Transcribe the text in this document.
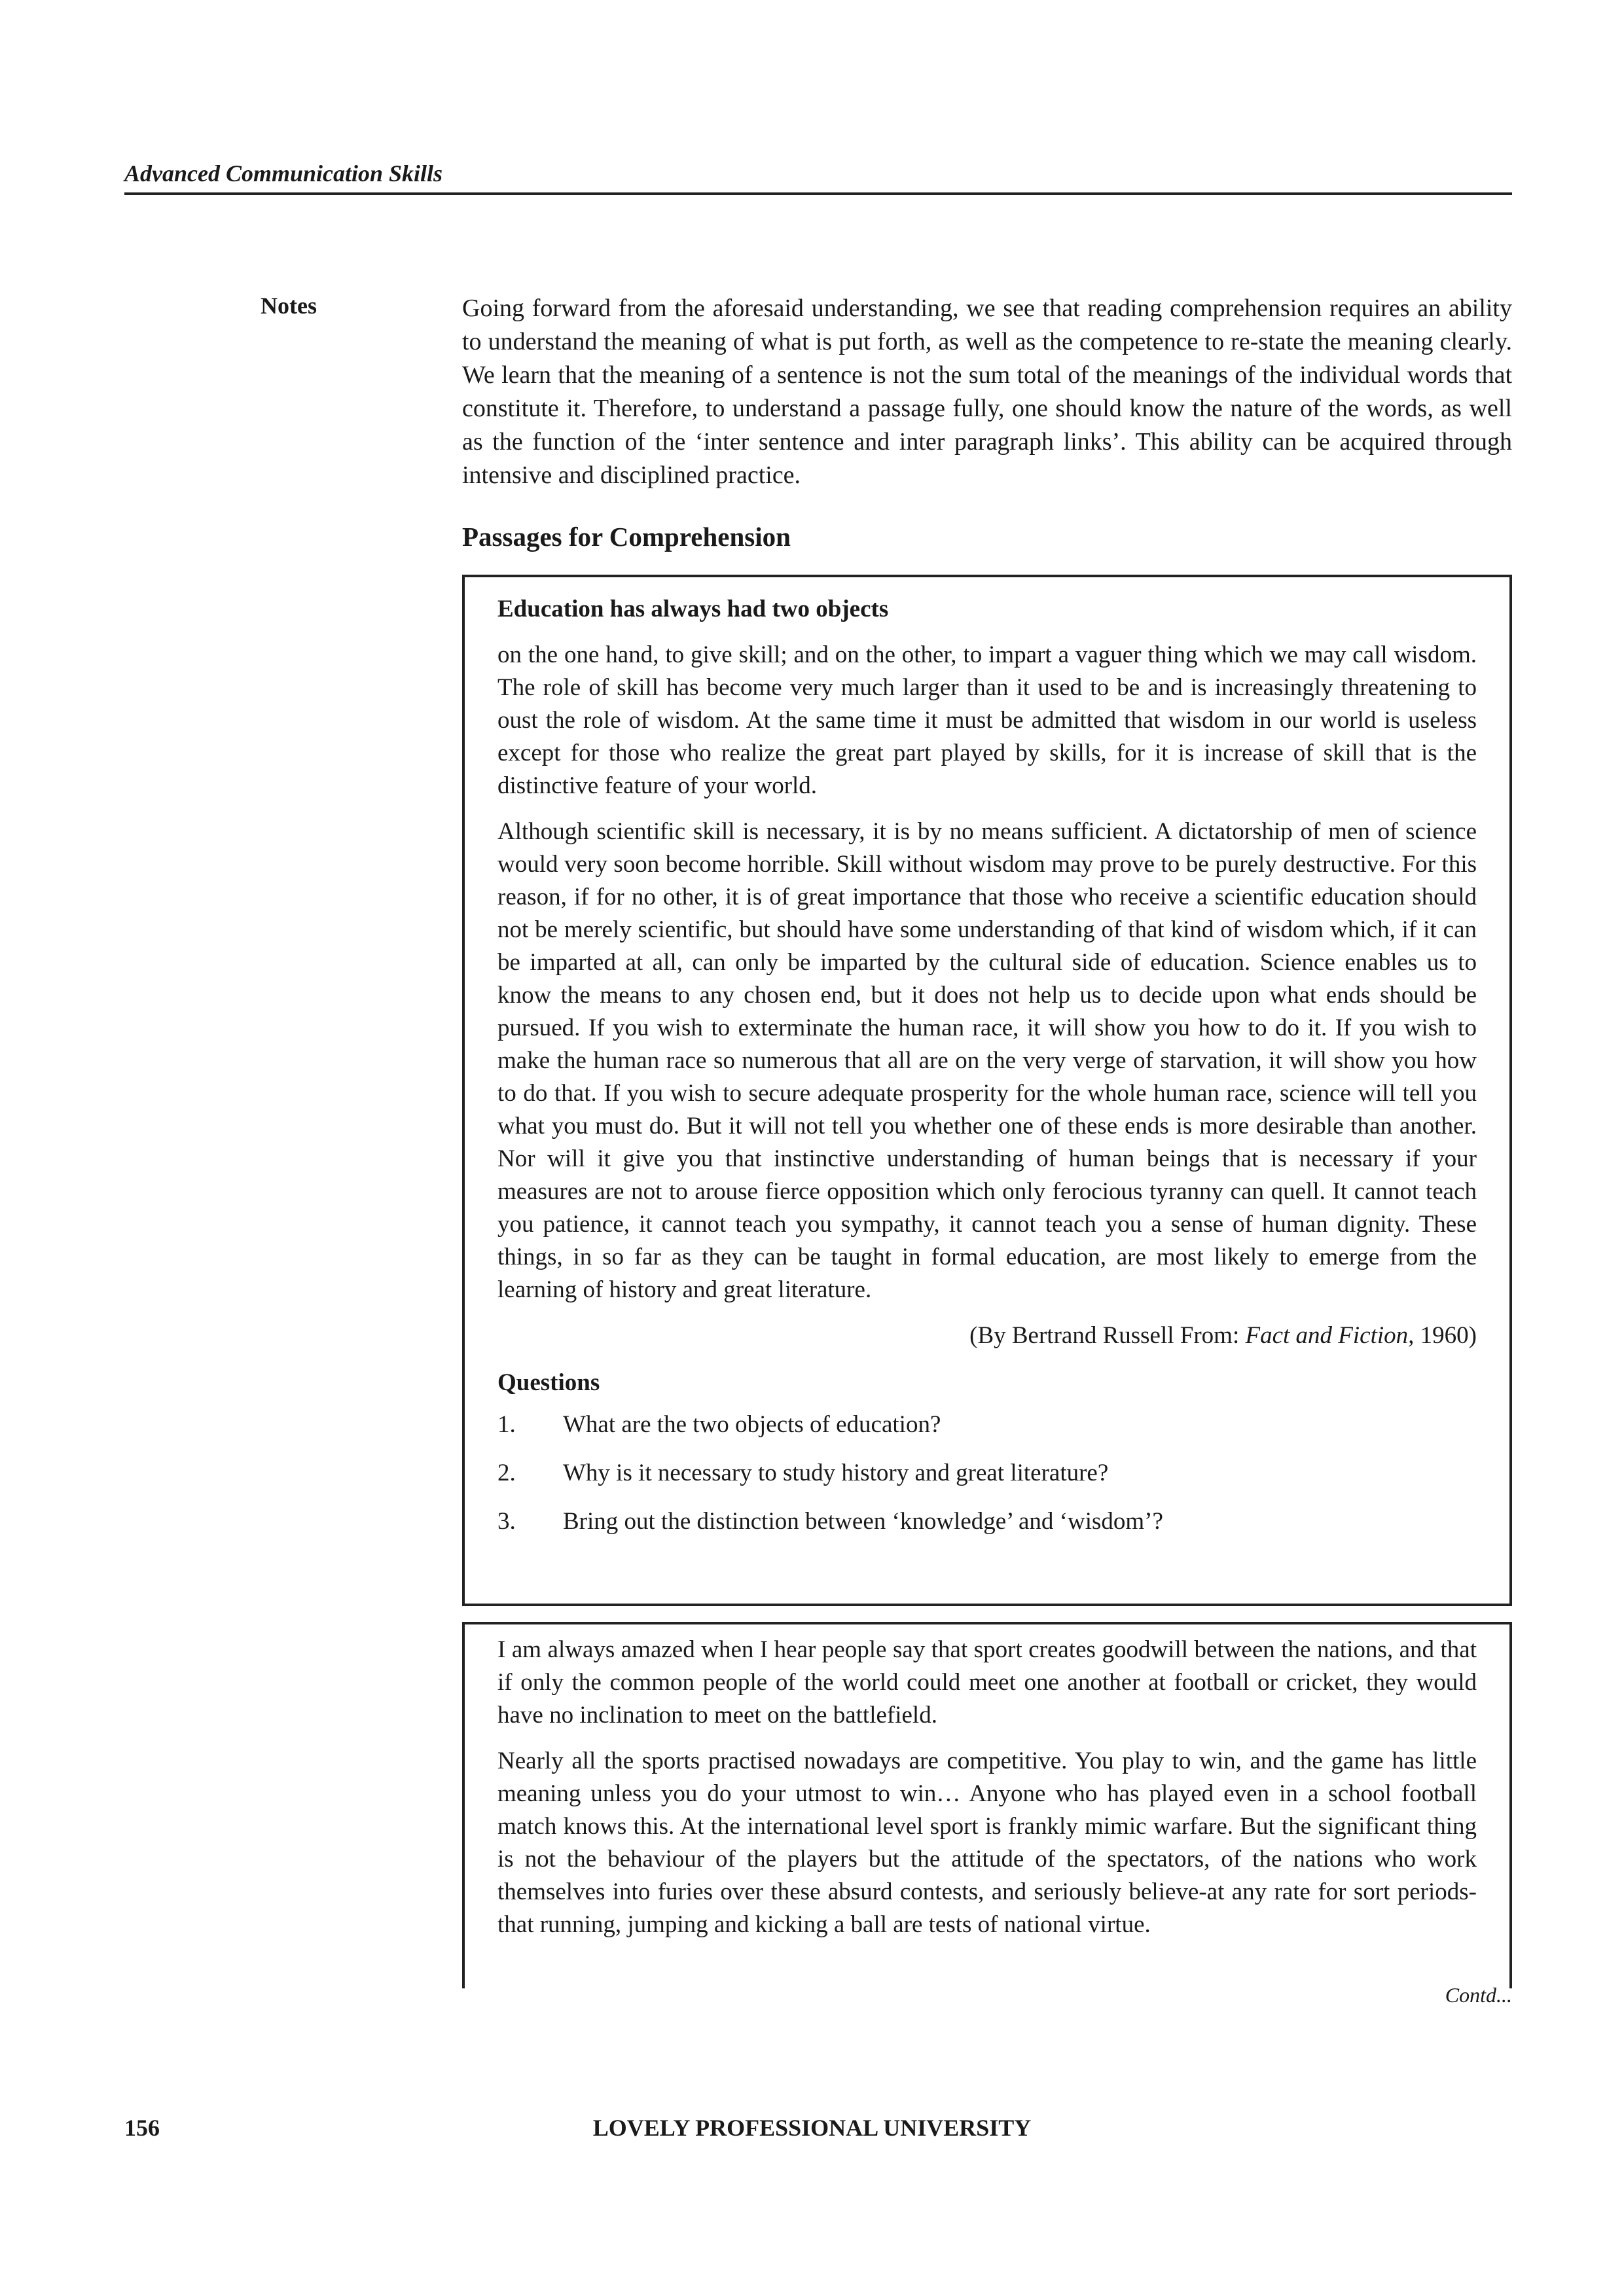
Advanced Communication Skills
Notes	Going forward from the aforesaid understanding, we see that reading comprehension requires an ability to understand the meaning of what is put forth, as well as the competence to re-state the meaning clearly. We learn that the meaning of a sentence is not the sum total of the meanings of the individual words that constitute it. Therefore, to understand a passage fully, one should know the nature of the words, as well as the function of the ‘inter sentence and inter paragraph links’. This ability can be acquired through intensive and disciplined practice.

Passages for Comprehension
Education has always had two objects

on the one hand, to give skill; and on the other, to impart a vaguer thing which we may call wisdom. The role of skill has become very much larger than it used to be and is increasingly threatening to oust the role of wisdom. At the same time it must be admitted that wisdom in our world is useless except for those who realize the great part played by skills, for it is increase of skill that is the distinctive feature of your world.

Although scientific skill is necessary, it is by no means sufficient. A dictatorship of men of science would very soon become horrible. Skill without wisdom may prove to be purely destructive. For this reason, if for no other, it is of great importance that those who receive a scientific education should not be merely scientific, but should have some understanding of that kind of wisdom which, if it can be imparted at all, can only be imparted by the cultural side of education. Science enables us to know the means to any chosen end, but it does not help us to decide upon what ends should be pursued. If you wish to exterminate the human race, it will show you how to do it. If you wish to make the human race so numerous that all are on the very verge of starvation, it will show you how to do that. If you wish to secure adequate prosperity for the whole human race, science will tell you what you must do. But it will not tell you whether one of these ends is more desirable than another. Nor will it give you that instinctive understanding of human beings that is necessary if your measures are not to arouse fierce opposition which only ferocious tyranny can quell. It cannot teach you patience, it cannot teach you sympathy, it cannot teach you a sense of human dignity. These things, in so far as they can be taught in formal education, are most likely to emerge from the learning of history and great literature.

(By Bertrand Russell From: Fact and Fiction, 1960)
Questions
1.	What are the two objects of education?
2.	Why is it necessary to study history and great literature?
3.	Bring out the distinction between ‘knowledge’ and ‘wisdom’?

I am always amazed when I hear people say that sport creates goodwill between the nations, and that if only the common people of the world could meet one another at football or cricket, they would have no inclination to meet on the battlefield.

Nearly all the sports practised nowadays are competitive. You play to win, and the game has little meaning unless you do your utmost to win… Anyone who has played even in a school football match knows this. At the international level sport is frankly mimic warfare. But the significant thing is not the behaviour of the players but the attitude of the spectators, of the nations who work themselves into furies over these absurd contests, and seriously believe-at any rate for sort periods-that running, jumping and kicking a ball are tests of national virtue.

Contd...
156	LOVELY PROFESSIONAL UNIVERSITY
